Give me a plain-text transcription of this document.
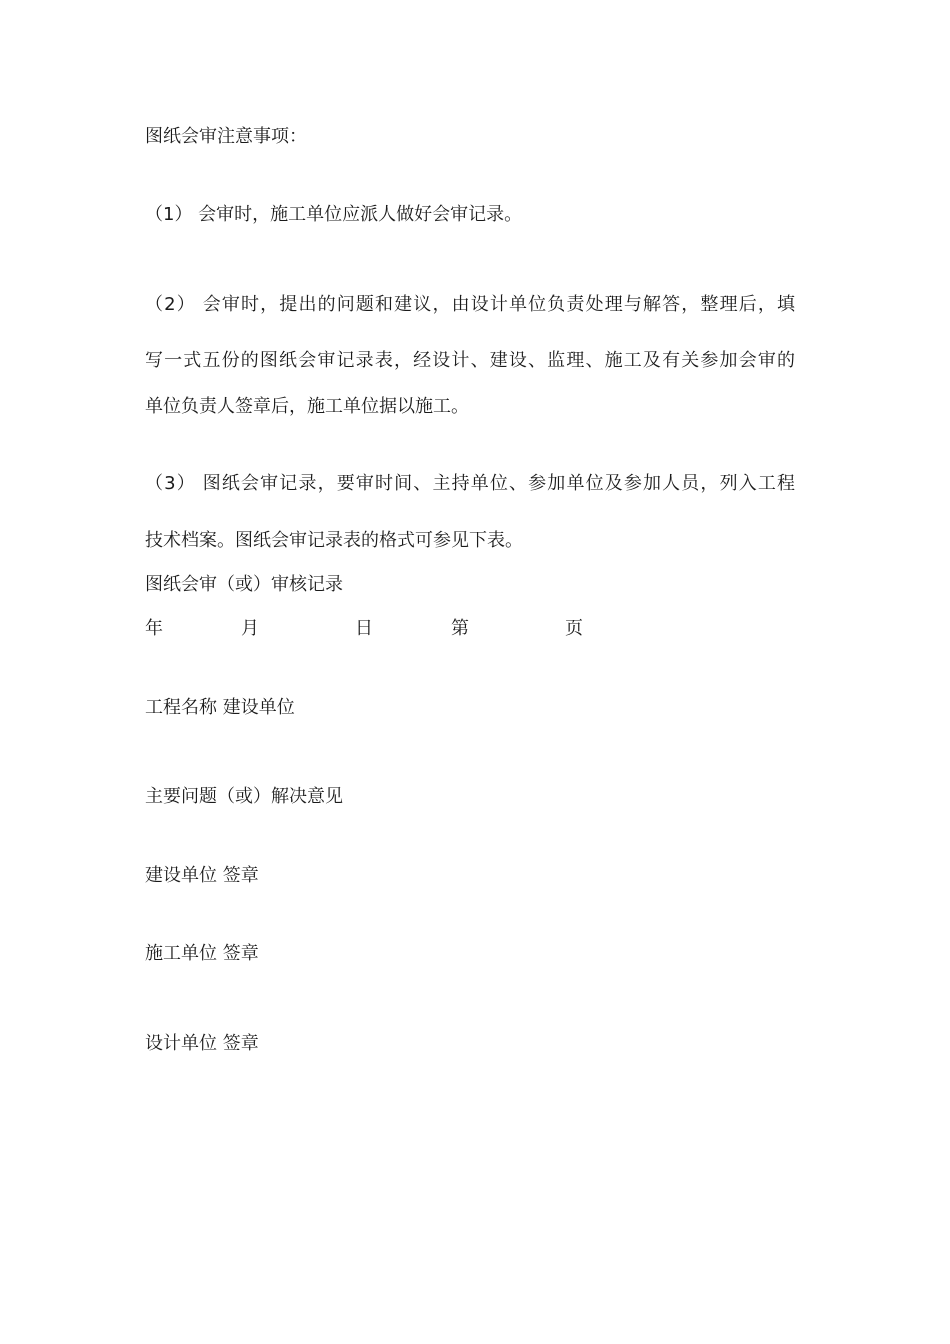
图纸会审注意事项：
（1） 会审时，施工单位应派人做好会审记录。
（2） 会审时，提出的问题和建议，由设计单位负责处理与解答，整理后，填
写一式五份的图纸会审记录表，经设计、建设、监理、施工及有关参加会审的
单位负责人签章后，施工单位据以施工。
（3） 图纸会审记录，要审时间、主持单位、参加单位及参加人员，列入工程
技术档案。图纸会审记录表的格式可参见下表。
图纸会审（或）审核记录
年	月	日	第	页
工程名称 建设单位
主要问题（或）解决意见
建设单位 签章
施工单位 签章
设计单位 签章
